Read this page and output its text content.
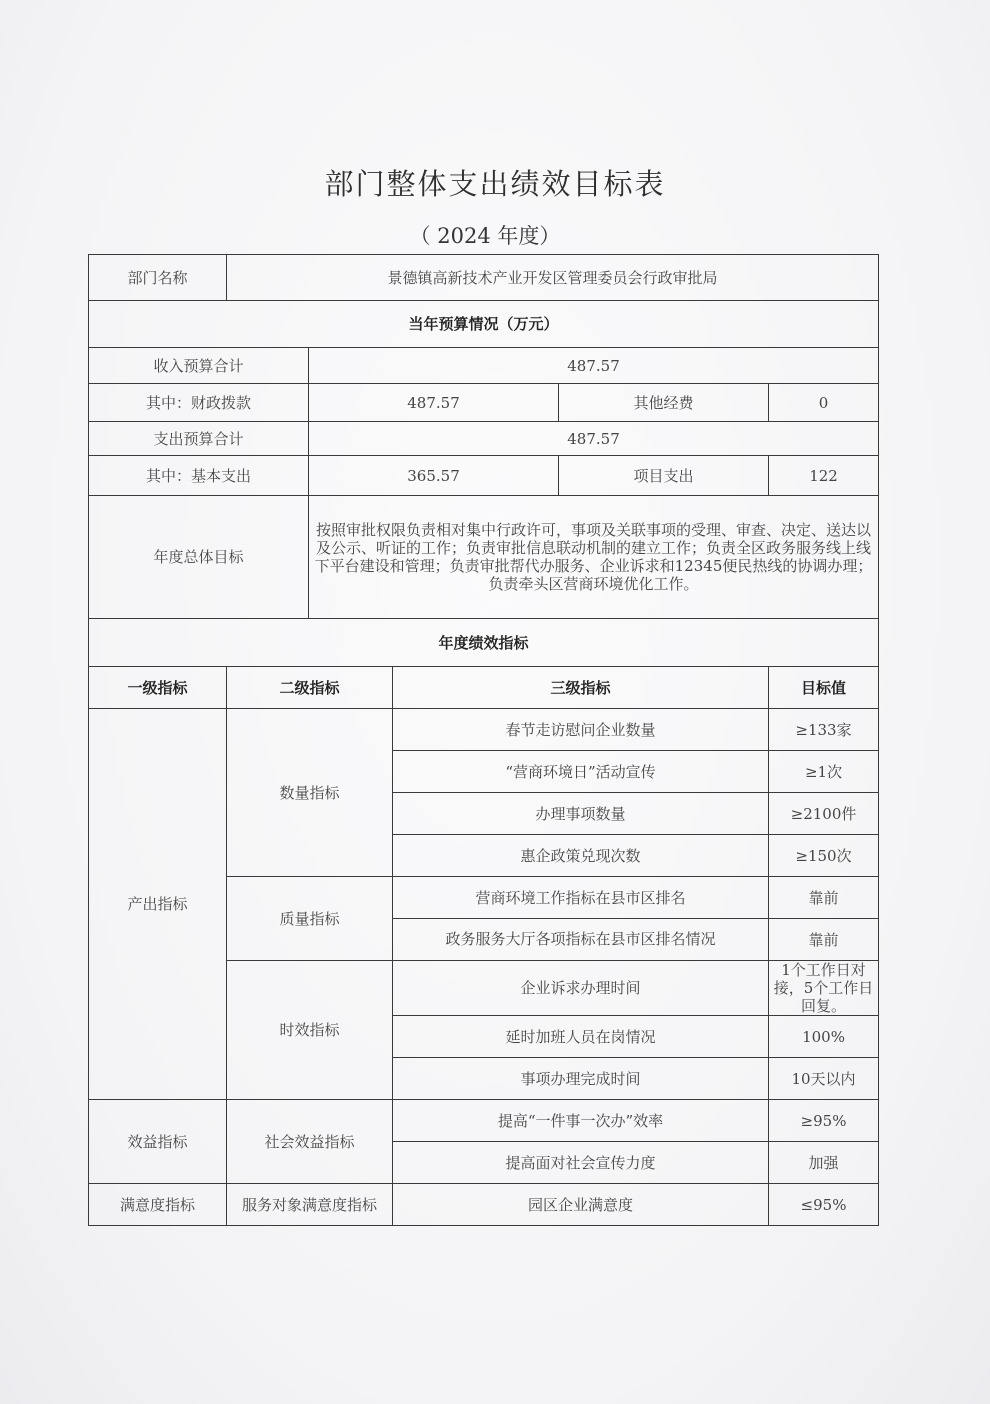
部门整体支出绩效目标表
（ 2024 年度）
部门名称	景德镇高新技术产业开发区管理委员会行政审批局				
当年预算情况（万元）					
收入预算合计		487.57			
其中：财政拨款		487.57		其他经费	0
支出预算合计		487.57			
其中：基本支出		365.57		项目支出	122
年度总体目标		按照审批权限负责相对集中行政许可，事项及关联事项的受理、审查、决定、送达以及公示、听证的工作；负责审批信息联动机制的建立工作；负责全区政务服务线上线下平台建设和管理；负责审批帮代办服务、企业诉求和12345便民热线的协调办理；负责牵头区营商环境优化工作。			
年度绩效指标					
一级指标	二级指标		三级指标		目标值
产出指标	数量指标		春节走访慰问企业数量		≥133家
			“营商环境日”活动宣传		≥1次
			办理事项数量		≥2100件
			惠企政策兑现次数		≥150次
	质量指标		营商环境工作指标在县市区排名		靠前
			政务服务大厅各项指标在县市区排名情况		靠前
	时效指标		企业诉求办理时间		1个工作日对接，5个工作日回复。
			延时加班人员在岗情况		100%
			事项办理完成时间		10天以内
效益指标	社会效益指标		提高“一件事一次办”效率		≥95%
			提高面对社会宣传力度		加强
满意度指标	服务对象满意度指标		园区企业满意度		≤95%
